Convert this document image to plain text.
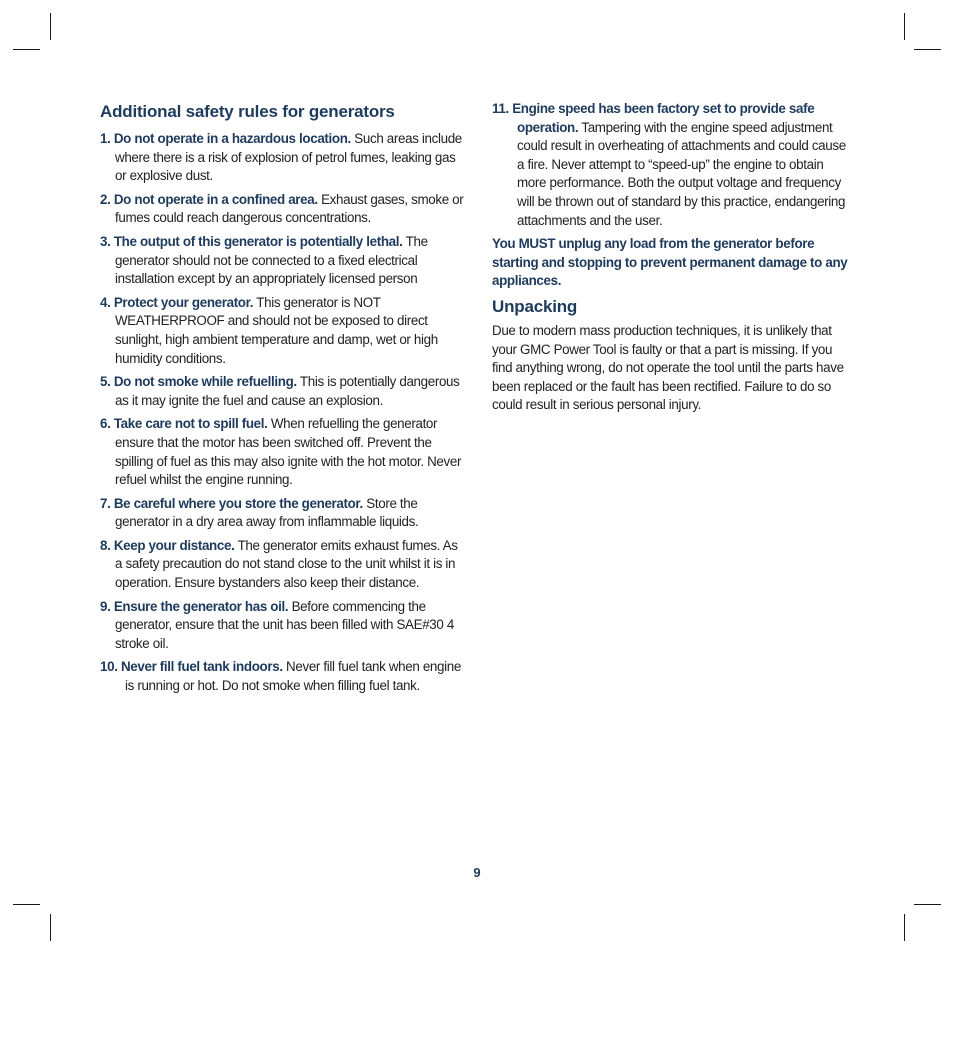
Additional safety rules for generators
1. Do not operate in a hazardous location. Such areas include where there is a risk of explosion of petrol fumes, leaking gas or explosive dust.
2. Do not operate in a confined area. Exhaust gases, smoke or fumes could reach dangerous concentrations.
3. The output of this generator is potentially lethal. The generator should not be connected to a fixed electrical installation except by an appropriately licensed person
4. Protect your generator. This generator is NOT WEATHERPROOF and should not be exposed to direct sunlight, high ambient temperature and damp, wet or high humidity conditions.
5. Do not smoke while refuelling. This is potentially dangerous as it may ignite the fuel and cause an explosion.
6. Take care not to spill fuel. When refuelling the generator ensure that the motor has been switched off. Prevent the spilling of fuel as this may also ignite with the hot motor. Never refuel whilst the engine running.
7. Be careful where you store the generator. Store the generator in a dry area away from inflammable liquids.
8. Keep your distance. The generator emits exhaust fumes. As a safety precaution do not stand close to the unit whilst it is in operation. Ensure bystanders also keep their distance.
9. Ensure the generator has oil. Before commencing the generator, ensure that the unit has been filled with SAE#30 4 stroke oil.
10. Never fill fuel tank indoors. Never fill fuel tank when engine is running or hot. Do not smoke when filling fuel tank.
11. Engine speed has been factory set to provide safe operation. Tampering with the engine speed adjustment could result in overheating of attachments and could cause a fire. Never attempt to “speed-up” the engine to obtain more performance. Both the output voltage and frequency will be thrown out of standard by this practice, endangering attachments and the user.

You MUST unplug any load from the generator before starting and stopping to prevent permanent damage to any appliances.

Unpacking

Due to modern mass production techniques, it is unlikely that your GMC Power Tool is faulty or that a part is missing. If you find anything wrong, do not operate the tool until the parts have been replaced or the fault has been rectified. Failure to do so could result in serious personal injury.

9
